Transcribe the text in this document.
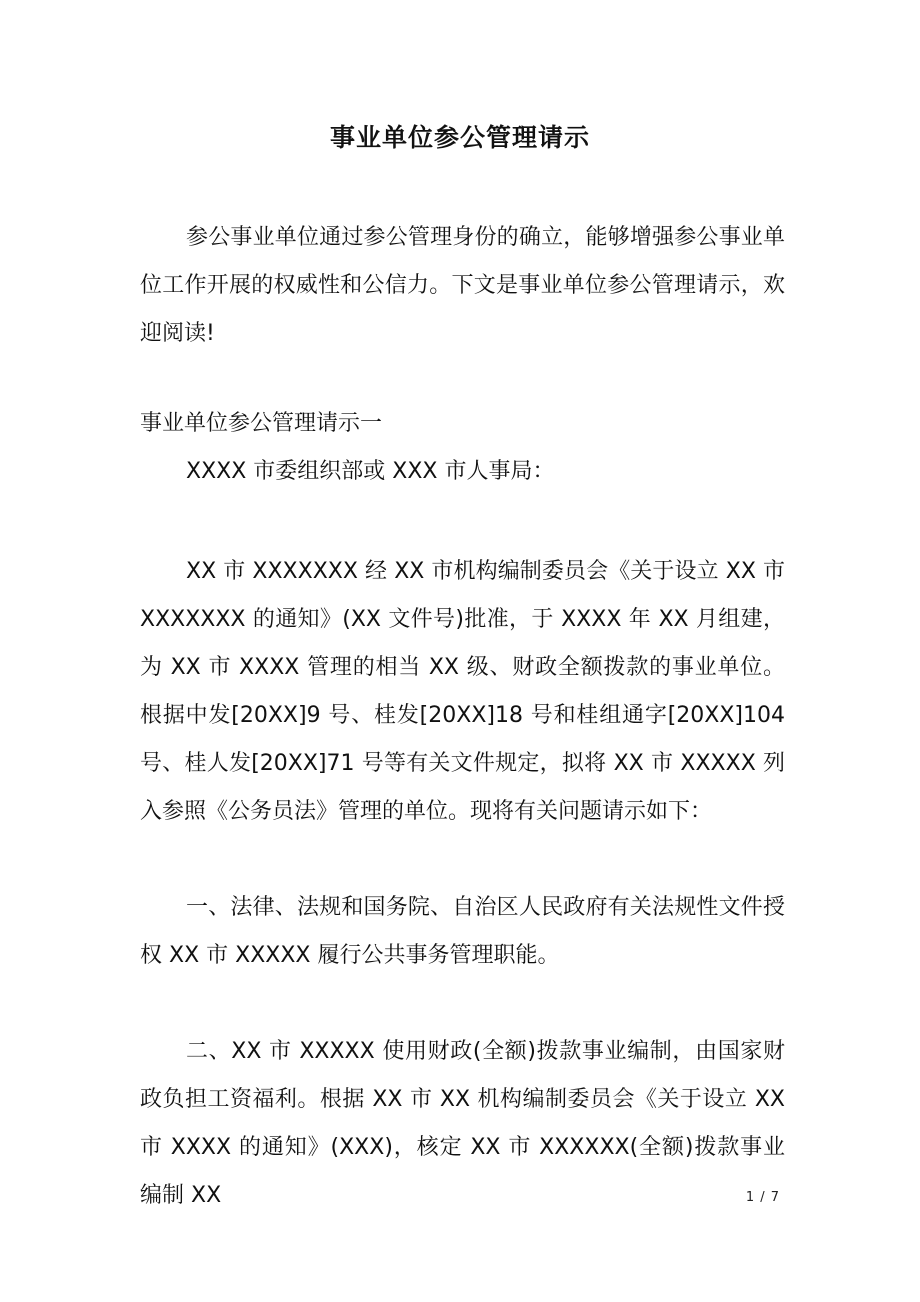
事业单位参公管理请示
参公事业单位通过参公管理身份的确立，能够增强参公事业单位工作开展的权威性和公信力。下文是事业单位参公管理请示，欢迎阅读!
事业单位参公管理请示一
XXXX 市委组织部或 XXX 市人事局：
XX 市 XXXXXXX 经 XX 市机构编制委员会《关于设立 XX 市 XXXXXXX 的通知》(XX 文件号)批准，于 XXXX 年 XX 月组建，为 XX 市 XXXX 管理的相当 XX 级、财政全额拨款的事业单位。根据中发[20XX]9 号、桂发[20XX]18 号和桂组通字[20XX]104 号、桂人发[20XX]71 号等有关文件规定，拟将 XX 市 XXXXX 列入参照《公务员法》管理的单位。现将有关问题请示如下：
一、法律、法规和国务院、自治区人民政府有关法规性文件授权 XX 市 XXXXX 履行公共事务管理职能。
二、XX 市 XXXXX 使用财政(全额)拨款事业编制，由国家财政负担工资福利。根据 XX 市 XX 机构编制委员会《关于设立 XX 市 XXXX 的通知》(XXX)，核定 XX 市 XXXXXX(全额)拨款事业编制 XX	1 / 7
